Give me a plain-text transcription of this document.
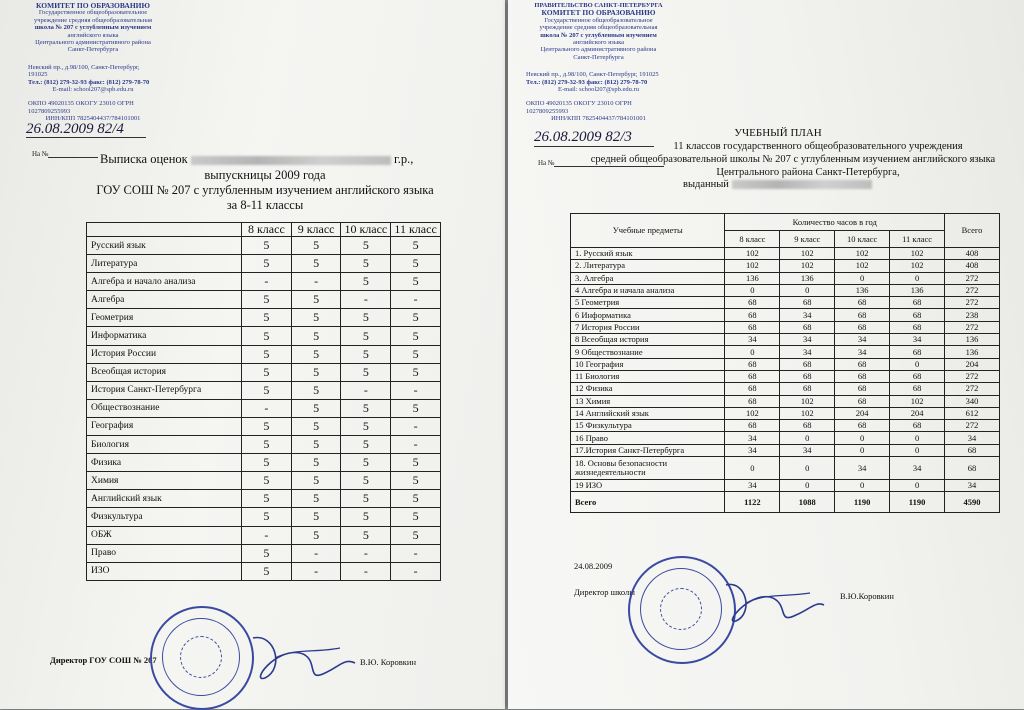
КОМИТЕТ ПО ОБРАЗОВАНИЮ
Государственное общеобразовательное
учреждение средняя общеобразовательная
школа № 207 с углубленным изучением
английского языка
Центрального административного района
Санкт-Петербурга
Невский пр., д.98/100, Санкт-Петербург, 191025
Тел.: (812) 279-32-93 факс: (812) 279-78-70
E-mail: school207@spb.edu.ru
ОКПО 49020135 ОКОГУ 23010 ОГРН 1027809255993
ИНН/КПП 7825404437/784101001
26.08.2009 82/4
На №	Выписка оценок	г.р.,
выпускницы 2009 года
ГОУ СОШ № 207 с углубленным изучением английского языка
за 8-11 классы
	8 класс	9 класс	10 класс	11 класс
Русский язык	5	5	5	5
Литература	5	5	5	5
Алгебра и начало анализа	-	-	5	5
Алгебра	5	5	-	-
Геометрия	5	5	5	5
Информатика	5	5	5	5
История России	5	5	5	5
Всеобщая история	5	5	5	5
История Санкт-Петербурга	5	5	-	-
Обществознание	-	5	5	5
География	5	5	5	-
Биология	5	5	5	-
Физика	5	5	5	5
Химия	5	5	5	5
Английский язык	5	5	5	5
Физкультура	5	5	5	5
ОБЖ	-	5	5	5
Право	5	-	-	-
ИЗО	5	-	-	-
Директор ГОУ СОШ № 207	В.Ю. Коровкин
ПРАВИТЕЛЬСТВО САНКТ-ПЕТЕРБУРГА
КОМИТЕТ ПО ОБРАЗОВАНИЮ
Государственное общеобразовательное
учреждение средняя общеобразовательная
школа № 207 с углубленным изучением
английского языка
Центрального административного района
Санкт-Петербурга
Невский пр., д.98/100, Санкт-Петербург, 191025
Тел.: (812) 279-32-93 факс: (812) 279-78-70
E-mail: school207@spb.edu.ru
ОКПО 49020135 ОКОГУ 23010 ОГРН 1027809255993
ИНН/КПП 7825404437/784101001
26.08.2009 82/3
На №
УЧЕБНЫЙ ПЛАН
11 классов государственного общеобразовательного учреждения
средней общеобразовательной школы № 207 с углубленным изучением английского языка
Центрального района Санкт-Петербурга,
выданный
Учебные предметы	Количество часов в год				Всего
	8 класс	9 класс	10 класс	11 класс	
1. Русский язык	102	102	102	102	408
2. Литература	102	102	102	102	408
3. Алгебра	136	136	0	0	272
4 Алгебра и начала анализа	0	0	136	136	272
5 Геометрия	68	68	68	68	272
6 Информатика	68	34	68	68	238
7 История России	68	68	68	68	272
8 Всеобщая история	34	34	34	34	136
9 Обществознание	0	34	34	68	136
10 География	68	68	68	0	204
11 Биология	68	68	68	68	272
12 Физика	68	68	68	68	272
13 Химия	68	102	68	102	340
14 Английский язык	102	102	204	204	612
15 Физкультура	68	68	68	68	272
16 Право	34	0	0	0	34
17.История Санкт-Петербурга	34	34	0	0	68
18. Основы безопасности жизнедеятельности	0	0	34	34	68
19 ИЗО	34	0	0	0	34
Всего	1122	1088	1190	1190	4590
24.08.2009
Директор школы	В.Ю.Коровкин
